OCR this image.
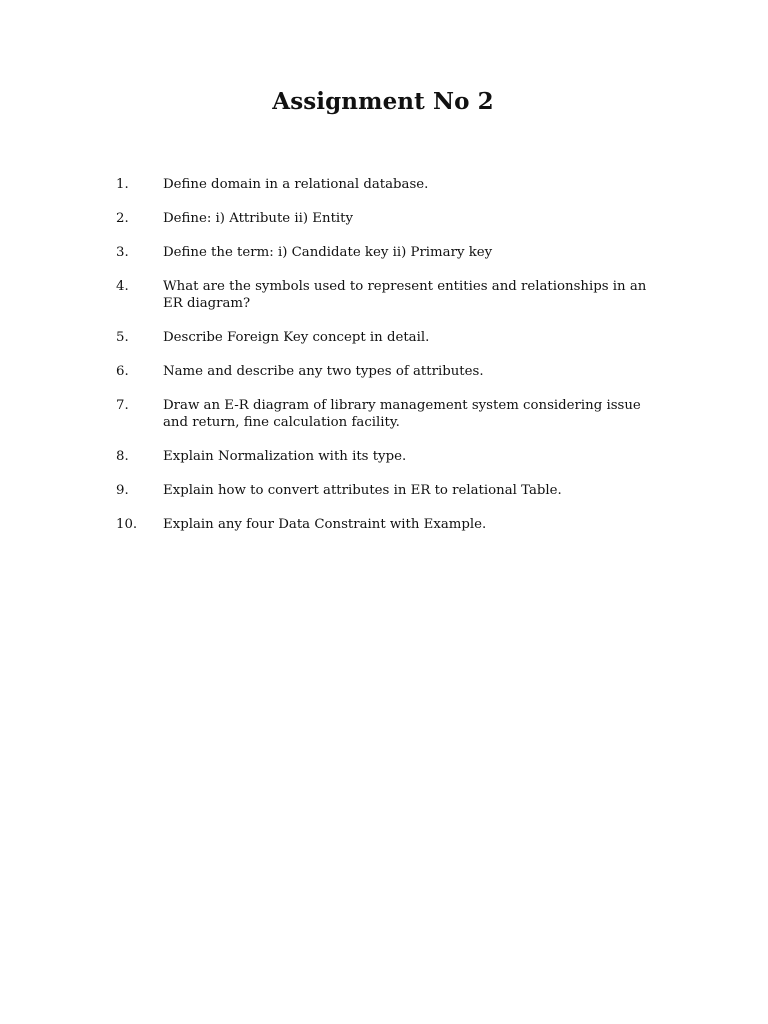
Assignment No 2
1.	Define domain in a relational database.
2.	Define: i) Attribute ii) Entity
3.	Define the term: i) Candidate key ii) Primary key
4.	What are the symbols used to represent entities and relationships in an ER diagram?
5.	Describe Foreign Key concept in detail.
6.	Name and describe any two types of attributes.
7.	Draw an E-R diagram of library management system considering issue and return, fine calculation facility.
8.	Explain Normalization with its type.
9.	Explain how to convert attributes in ER to relational Table.
10. Explain any four Data Constraint with Example.
